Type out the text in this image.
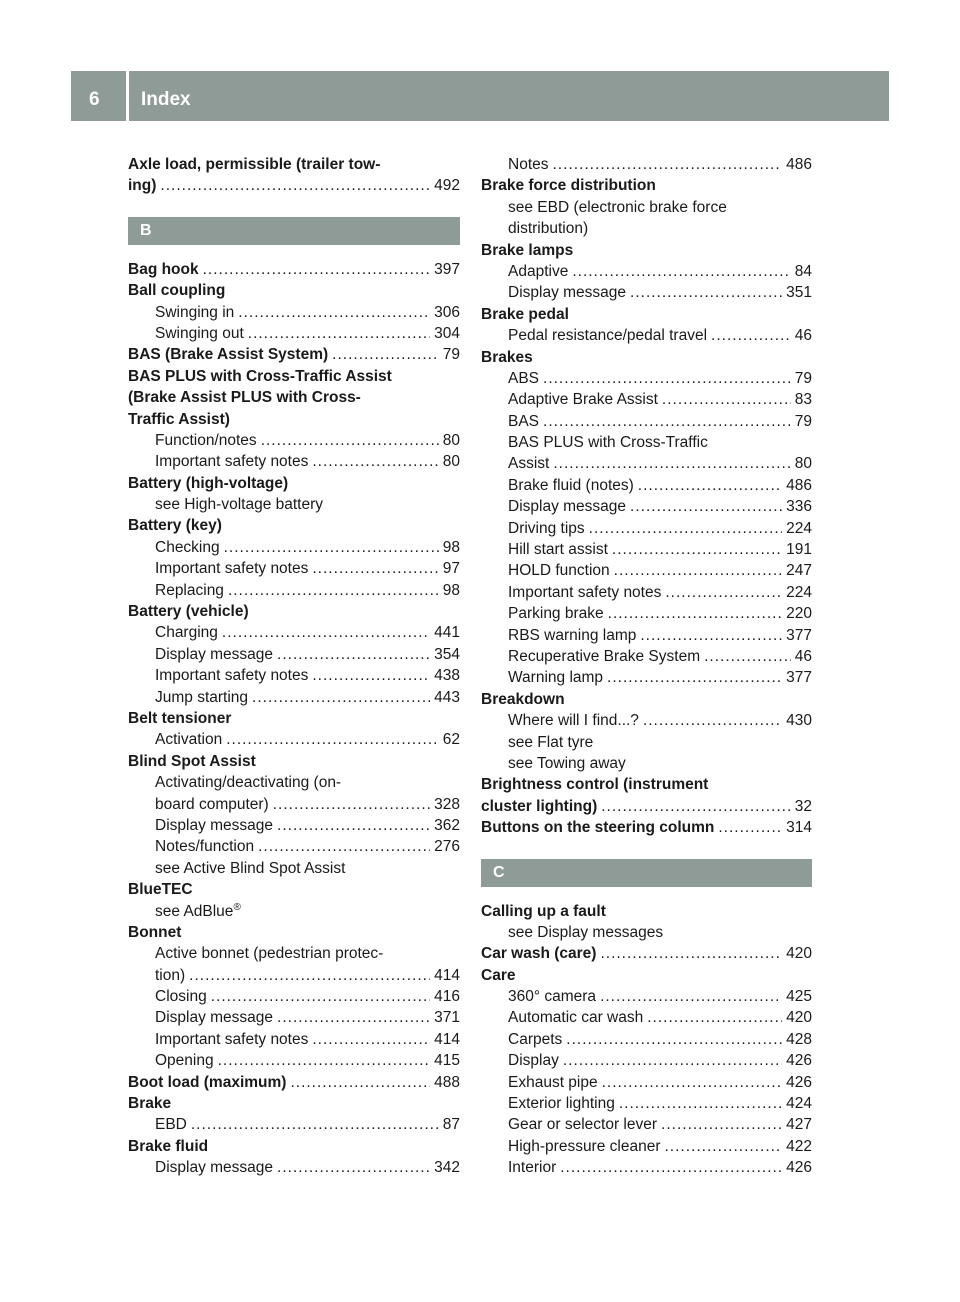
6 Index
Axle load, permissible (trailer tow-
ing) .....	492
B
Bag hook .....	397
Ball coupling
Swinging in .....	306
Swinging out .....	304
BAS (Brake Assist System) .....	79
BAS PLUS with Cross-Traffic Assist
(Brake Assist PLUS with Cross-
Traffic Assist)
Function/notes .....	80
Important safety notes .....	80
Battery (high-voltage)
see High-voltage battery
Battery (key)
Checking .....	98
Important safety notes .....	97
Replacing .....	98
Battery (vehicle)
Charging .....	441
Display message .....	354
Important safety notes .....	438
Jump starting .....	443
Belt tensioner
Activation .....	62
Blind Spot Assist
Activating/deactivating (on-
board computer) .....	328
Display message .....	362
Notes/function .....	276
see Active Blind Spot Assist
BlueTEC
see AdBlue®
Bonnet
Active bonnet (pedestrian protec-
tion) .....	414
Closing .....	416
Display message .....	371
Important safety notes .....	414
Opening .....	415
Boot load (maximum) .....	488
Brake
EBD .....	87
Brake fluid
Display message .....	342
Notes .....	486
Brake force distribution
see EBD (electronic brake force
distribution)
Brake lamps
Adaptive .....	84
Display message .....	351
Brake pedal
Pedal resistance/pedal travel .....	46
Brakes
ABS .....	79
Adaptive Brake Assist .....	83
BAS .....	79
BAS PLUS with Cross-Traffic
Assist .....	80
Brake fluid (notes) .....	486
Display message .....	336
Driving tips .....	224
Hill start assist .....	191
HOLD function .....	247
Important safety notes .....	224
Parking brake .....	220
RBS warning lamp .....	377
Recuperative Brake System .....	46
Warning lamp .....	377
Breakdown
Where will I find...? .....	430
see Flat tyre
see Towing away
Brightness control (instrument
cluster lighting) .....	32
Buttons on the steering column .....	314
C
Calling up a fault
see Display messages
Car wash (care) .....	420
Care
360° camera .....	425
Automatic car wash .....	420
Carpets .....	428
Display .....	426
Exhaust pipe .....	426
Exterior lighting .....	424
Gear or selector lever .....	427
High-pressure cleaner .....	422
Interior .....	426
